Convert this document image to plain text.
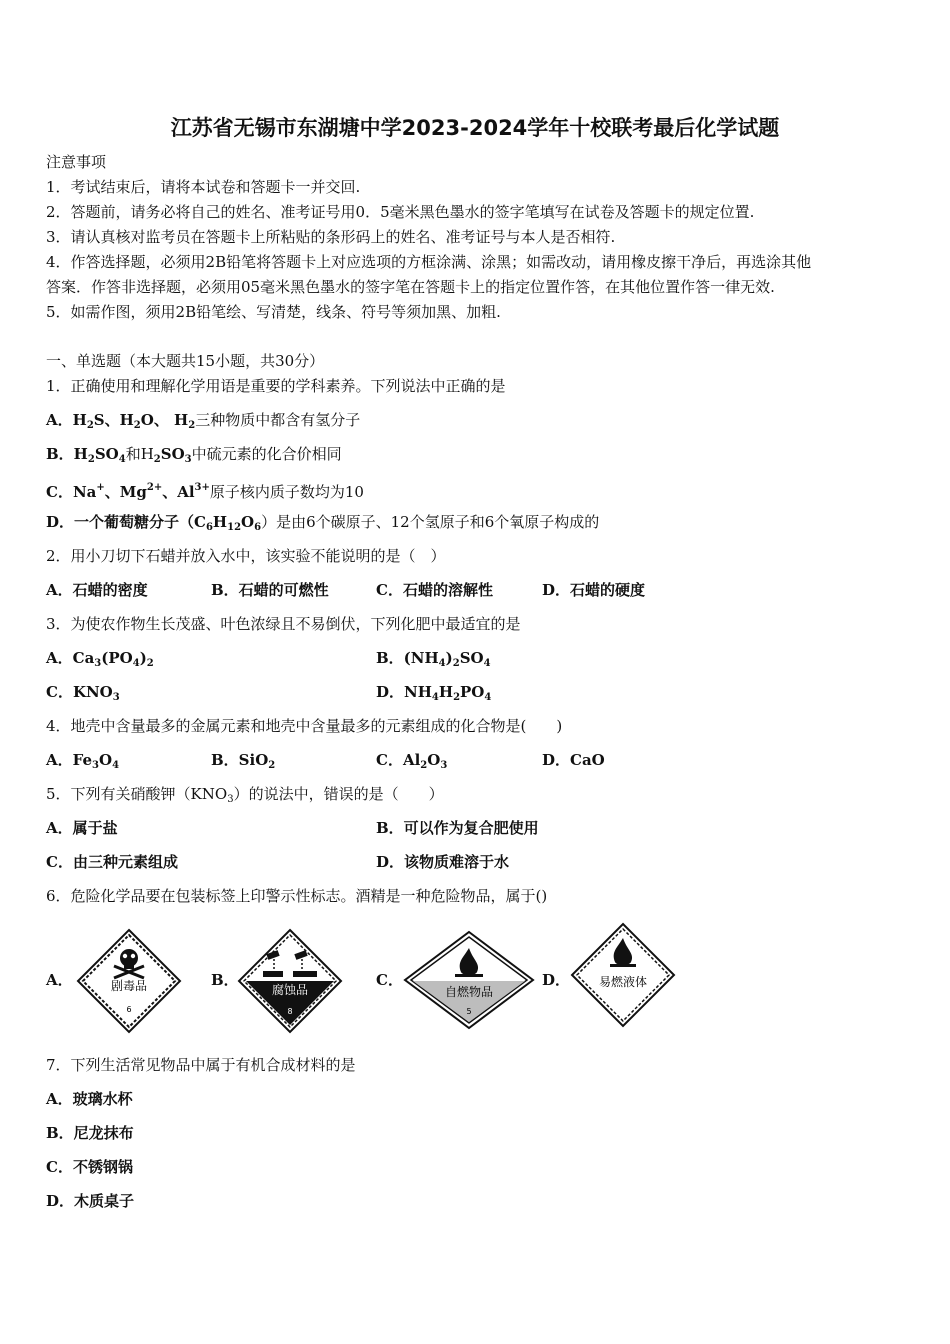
江苏省无锡市东湖塘中学2023-2024学年十校联考最后化学试题
注意事项
1．考试结束后，请将本试卷和答题卡一并交回.
2．答题前，请务必将自己的姓名、准考证号用0．5毫米黑色墨水的签字笔填写在试卷及答题卡的规定位置.
3．请认真核对监考员在答题卡上所粘贴的条形码上的姓名、准考证号与本人是否相符.
4．作答选择题，必须用2B铅笔将答题卡上对应选项的方框涂满、涂黑；如需改动，请用橡皮擦干净后，再选涂其他
答案．作答非选择题，必须用05毫米黑色墨水的签字笔在答题卡上的指定位置作答，在其他位置作答一律无效.
5．如需作图，须用2B铅笔绘、写清楚，线条、符号等须加黑、加粗.
一、单选题（本大题共15小题，共30分）
1．正确使用和理解化学用语是重要的学科素养。下列说法中正确的是
A．$H_2S$、$H_2O$、 $H_2$三种物质中都含有氢分子
B．$H_2SO_4$和$H_2SO_3$中硫元素的化合价相同
C．Na+、$Mg^{2+}$、$Al^{3+}$原子核内质子数均为10
D．一个葡萄糖分子$(C_6H_{12}O_6)$是由6个碳原子、12个氢原子和6个氧原子构成的
2．用小刀切下石蜡并放入水中，该实验不能说明的是（　）
A．石蜡的密度	B．石蜡的可燃性	C．石蜡的溶解性	D．石蜡的硬度
3．为使农作物生长茂盛、叶色浓绿且不易倒伏，下列化肥中最适宜的是
A．$Ca_3(PO_4)_2$	B．$(NH_4)_2SO_4$
C．$KNO_3$	D．$NH_4H_2PO_4$
4．地壳中含量最多的金属元素和地壳中含量最多的元素组成的化合物是(　　)
A．$Fe_3O_4$	B．SiO$_2$	C．$Al_2O_3$	D．CaO
5．下列有关硝酸钾$(KNO_3)$的说法中，错误的是（　　）
A．属于盐	B．可以作为复合肥使用
C．由三种元素组成	D．该物质难溶于水
6．危险化学品要在包装标签上印警示性标志。酒精是一种危险物品，属于()
A．	剧毒品
6
B．
腐蚀品
8
C．
自燃物品
5
D． 易燃液体
7．下列生活常见物品中属于有机合成材料的是
A．玻璃水杯
B．尼龙抹布
C．不锈钢锅
D．木质桌子
